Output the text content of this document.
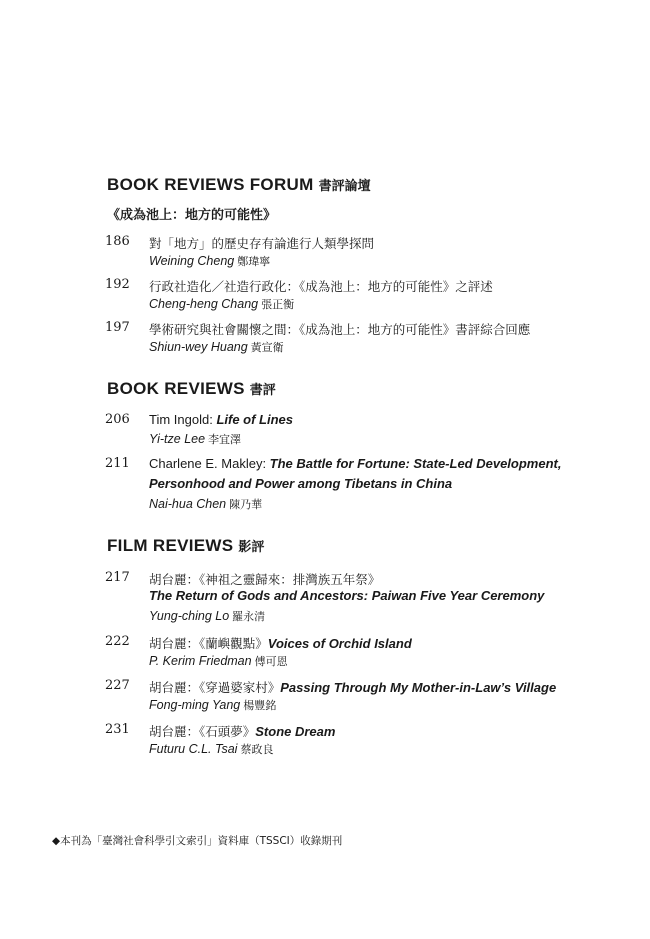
BOOK REVIEWS FORUM 書評論壇
《成為池上：地方的可能性》
186 對「地方」的歷史存有論進行人類學探問
Weining Cheng 鄭瑋寧
192 行政社造化／社造行政化：《成為池上：地方的可能性》之評述
Cheng-heng Chang 張正衡
197 學術研究與社會關懷之間：《成為池上：地方的可能性》書評綜合回應
Shiun-wey Huang 黃宣衛
BOOK REVIEWS 書評
206 Tim Ingold: Life of Lines
Yi-tze Lee 李宜澤
211 Charlene E. Makley: The Battle for Fortune: State-Led Development,
Personhood and Power among Tibetans in China
Nai-hua Chen 陳乃華
FILM REVIEWS 影評
217 胡台麗：《神祖之靈歸來：排灣族五年祭》
The Return of Gods and Ancestors: Paiwan Five Year Ceremony
Yung-ching Lo 羅永清
222 胡台麗：《蘭嶼觀點》Voices of Orchid Island
P. Kerim Friedman 傅可恩
227 胡台麗：《穿過婆家村》Passing Through My Mother-in-Law’s Village
Fong-ming Yang 楊豐銘
231 胡台麗：《石頭夢》Stone Dream
Futuru C.L. Tsai 蔡政良
◆本刊為「臺灣社會科學引文索引」資料庫（TSSCI）收錄期刊
